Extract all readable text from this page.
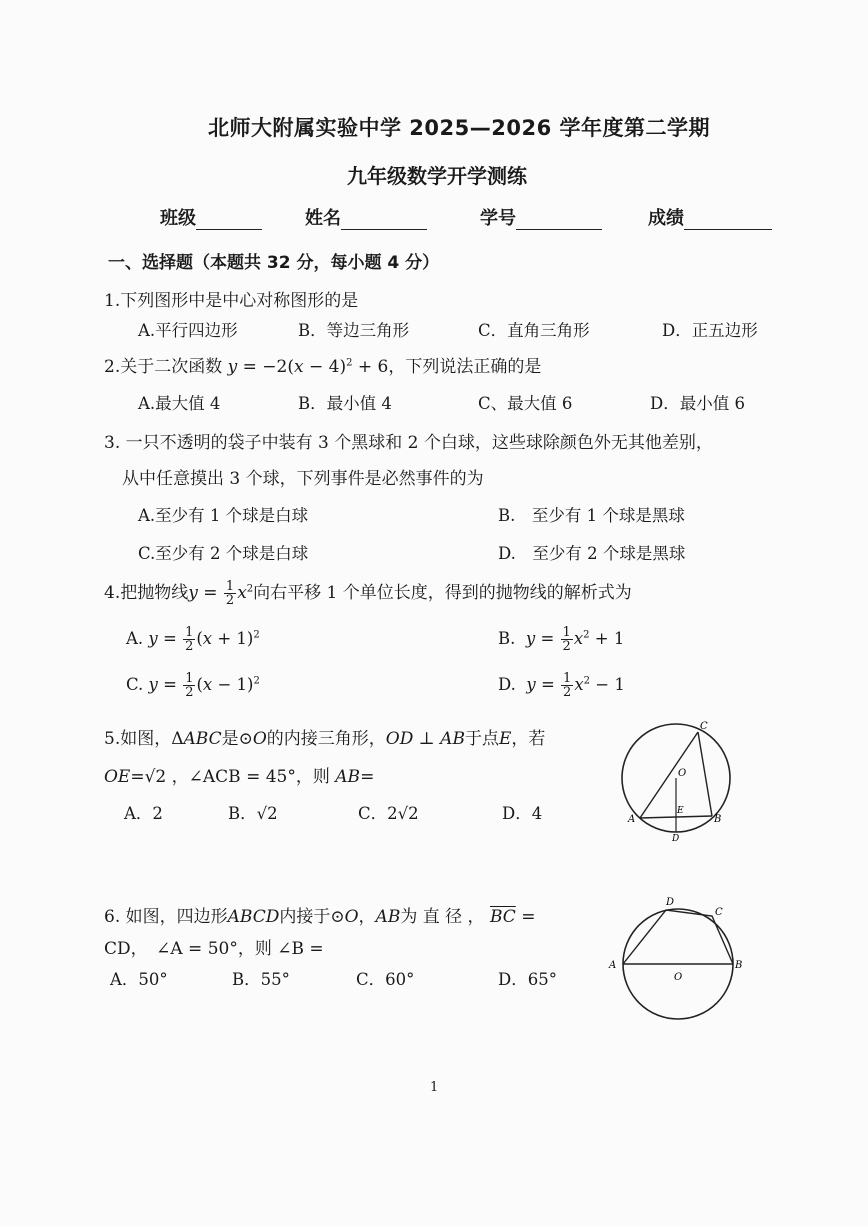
北师大附属实验中学 2025—2026 学年度第二学期
九年级数学开学测练
班级	姓名	学号	成绩
一、选择题（本题共 32 分，每小题 4 分）
1.下列图形中是中心对称图形的是
A.平行四边形	B．等边三角形	C．直角三角形	D．正五边形
2.关于二次函数 $y = -2(x - 4)^2 + 6$，下列说法正确的是
A.最大值 4	B．最小值 4	C、最大值 6	D．最小值 6
3. 一只不透明的袋子中装有 3 个黑球和 2 个白球，这些球除颜色外无其他差别，
从中任意摸出 3 个球，下列事件是必然事件的为
A.至少有 1 个球是白球	B.　至少有 1 个球是黑球
C.至少有 2 个球是白球	D.　至少有 2 个球是黑球
4.把抛物线$y = \frac{1}{2} x^2$向右平移 1 个单位长度，得到的抛物线的解析式为
A. $y = \frac{1}{2} (x + 1)^2$	B. $y = \frac{1}{2} x^2 + 1$
C. $y = \frac{1}{2} (x - 1)^2$	D. $y = \frac{1}{2} x^2 - 1$
5.如图，ΔABC是⊙O的内接三角形，OD ⊥ AB于点E，若
OE=√2 ，∠ACB = 45°，则 AB=
A．2	B．√2	C．2√2	D．4
C
O
E
A	B
D
6. 如图，四边形ABCD内接于⊙O，AB为 直 径 ， $\overline{BC}$ =
CD，　∠A = 50°，则 ∠B =
A．50°	B．55°	C．60°	D．65°
D
C
A
O
B
1
